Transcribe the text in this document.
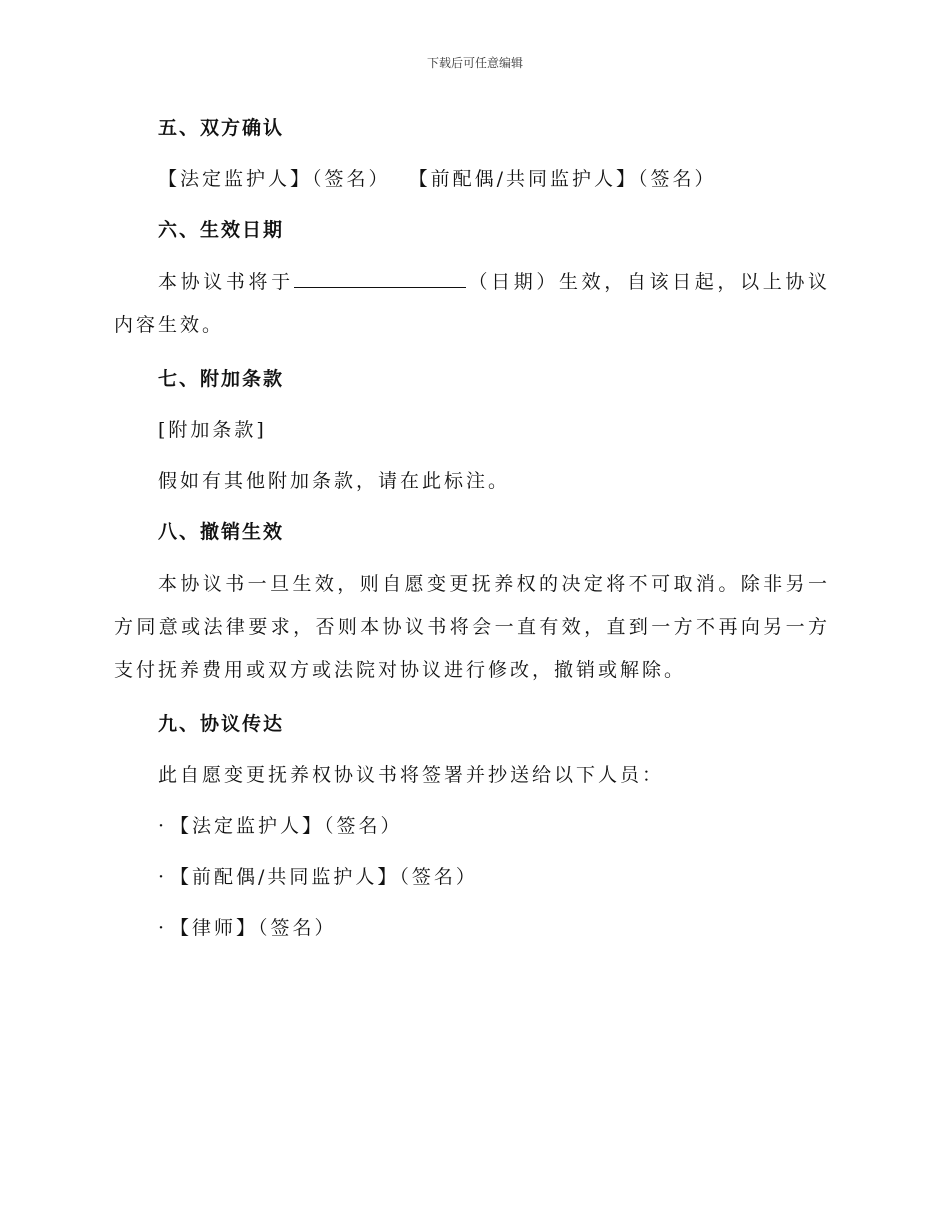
下载后可任意编辑
五、双方确认
【法定监护人】（签名）  【前配偶/共同监护人】（签名）
六、生效日期

本协议书将于	（日期）生效，自该日起，以上协议内容生效。

七、附加条款
[附加条款]
假如有其他附加条款，请在此标注。
八、撤销生效

本协议书一旦生效，则自愿变更抚养权的决定将不可取消。除非另一方同意或法律要求，否则本协议书将会一直有效，直到一方不再向另一方支付抚养费用或双方或法院对协议进行修改，撤销或解除。

九、协议传达
此自愿变更抚养权协议书将签署并抄送给以下人员：
· 【法定监护人】（签名）
· 【前配偶/共同监护人】（签名）
· 【律师】（签名）
